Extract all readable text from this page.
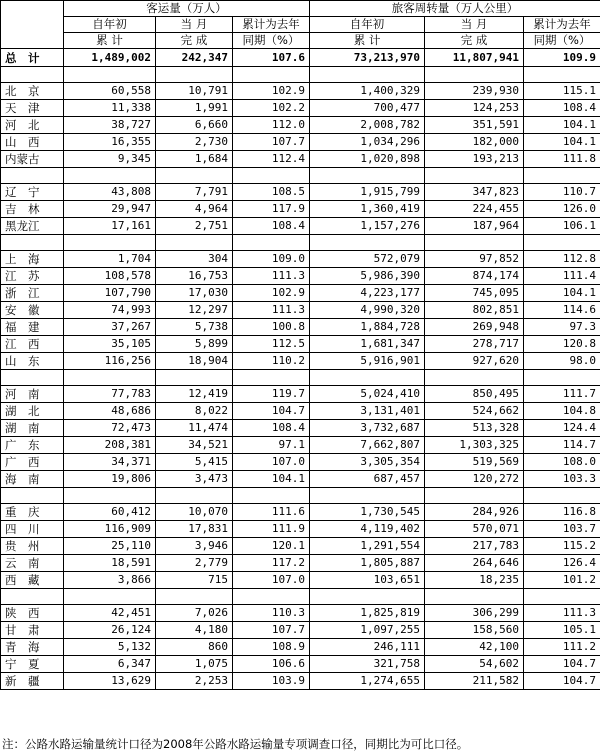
	客运量（万人）			旅客周转量（万人公里）		
	自年初	当 月	累计为去年	自年初	当 月	累计为去年
	累 计	完 成	同期（%）	累 计	完 成	同期（%）
总　计	1,489,002	242,347	107.6	73,213,970	11,807,941	109.9

北　京	60,558	10,791	102.9	1,400,329	239,930	115.1
天　津	11,338	1,991	102.2	700,477	124,253	108.4
河　北	38,727	6,660	112.0	2,008,782	351,591	104.1
山　西	16,355	2,730	107.7	1,034,296	182,000	104.1
内蒙古	9,345	1,684	112.4	1,020,898	193,213	111.8

辽　宁	43,808	7,791	108.5	1,915,799	347,823	110.7
吉　林	29,947	4,964	117.9	1,360,419	224,455	126.0
黑龙江	17,161	2,751	108.4	1,157,276	187,964	106.1

上　海	1,704	304	109.0	572,079	97,852	112.8
江　苏	108,578	16,753	111.3	5,986,390	874,174	111.4
浙　江	107,790	17,030	102.9	4,223,177	745,095	104.1
安　徽	74,993	12,297	111.3	4,990,320	802,851	114.6
福　建	37,267	5,738	100.8	1,884,728	269,948	97.3
江　西	35,105	5,899	112.5	1,681,347	278,717	120.8
山　东	116,256	18,904	110.2	5,916,901	927,620	98.0

河　南	77,783	12,419	119.7	5,024,410	850,495	111.7
湖　北	48,686	8,022	104.7	3,131,401	524,662	104.8
湖　南	72,473	11,474	108.4	3,732,687	513,328	124.4
广　东	208,381	34,521	97.1	7,662,807	1,303,325	114.7
广　西	34,371	5,415	107.0	3,305,354	519,569	108.0
海　南	19,806	3,473	104.1	687,457	120,272	103.3

重　庆	60,412	10,070	111.6	1,730,545	284,926	116.8
四　川	116,909	17,831	111.9	4,119,402	570,071	103.7
贵　州	25,110	3,946	120.1	1,291,554	217,783	115.2
云　南	18,591	2,779	117.2	1,805,887	264,646	126.4
西　藏	3,866	715	107.0	103,651	18,235	101.2

陕　西	42,451	7,026	110.3	1,825,819	306,299	111.3
甘　肃	26,124	4,180	107.7	1,097,255	158,560	105.1
青　海	5,132	860	108.9	246,111	42,100	111.2
宁　夏	6,347	1,075	106.6	321,758	54,602	104.7
新　疆	13,629	2,253	103.9	1,274,655	211,582	104.7
注：公路水路运输量统计口径为2008年公路水路运输量专项调查口径，同期比为可比口径。
